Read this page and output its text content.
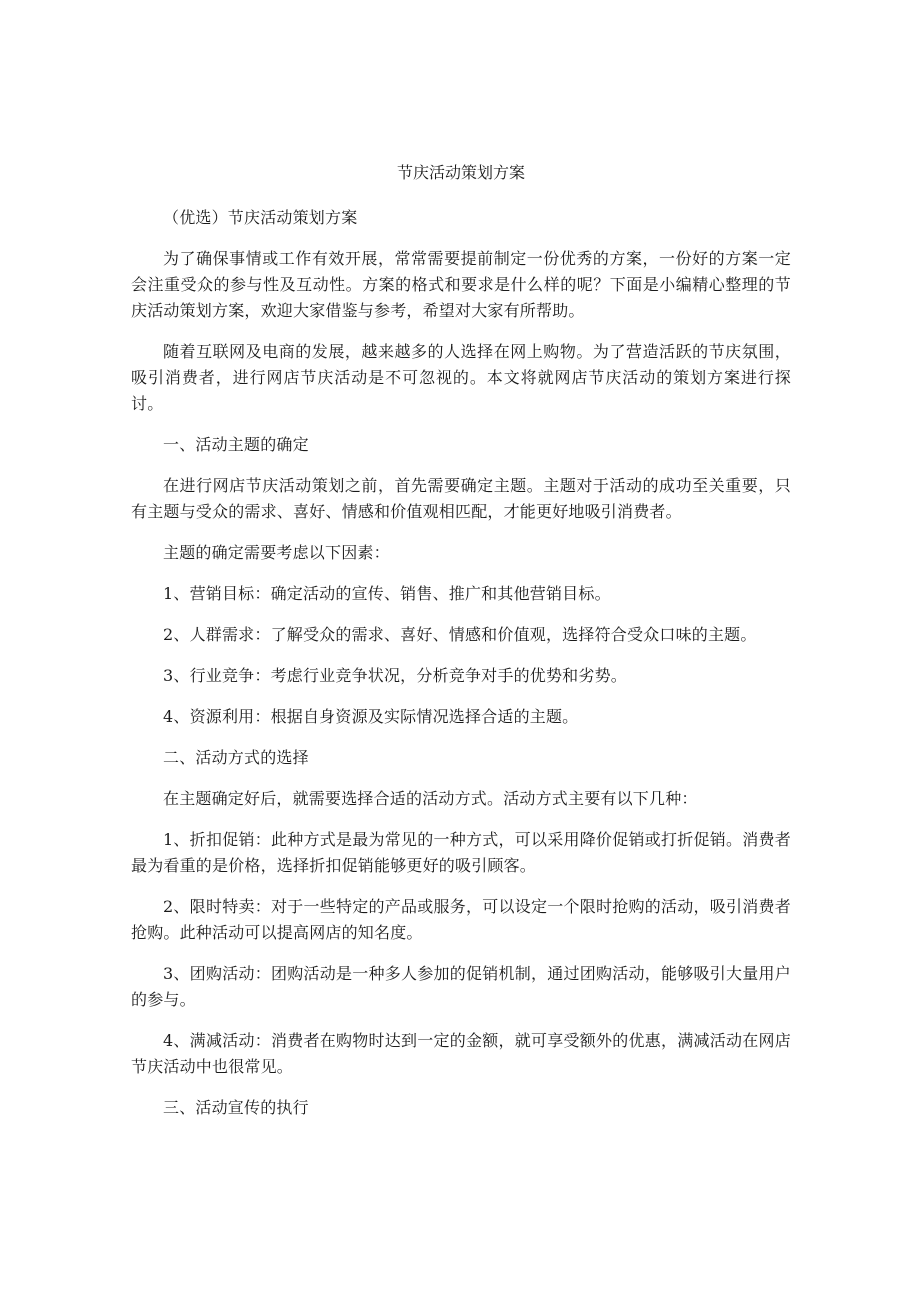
节庆活动策划方案

（优选）节庆活动策划方案

为了确保事情或工作有效开展，常常需要提前制定一份优秀的方案，一份好的方案一定会注重受众的参与性及互动性。方案的格式和要求是什么样的呢？下面是小编精心整理的节庆活动策划方案，欢迎大家借鉴与参考，希望对大家有所帮助。

随着互联网及电商的发展，越来越多的人选择在网上购物。为了营造活跃的节庆氛围，吸引消费者，进行网店节庆活动是不可忽视的。本文将就网店节庆活动的策划方案进行探讨。

一、活动主题的确定

在进行网店节庆活动策划之前，首先需要确定主题。主题对于活动的成功至关重要，只有主题与受众的需求、喜好、情感和价值观相匹配，才能更好地吸引消费者。

主题的确定需要考虑以下因素：

1、营销目标：确定活动的宣传、销售、推广和其他营销目标。

2、人群需求：了解受众的需求、喜好、情感和价值观，选择符合受众口味的主题。

3、行业竞争：考虑行业竞争状况，分析竞争对手的优势和劣势。

4、资源利用：根据自身资源及实际情况选择合适的主题。

二、活动方式的选择

在主题确定好后，就需要选择合适的活动方式。活动方式主要有以下几种：

1、折扣促销：此种方式是最为常见的一种方式，可以采用降价促销或打折促销。消费者最为看重的是价格，选择折扣促销能够更好的吸引顾客。

2、限时特卖：对于一些特定的产品或服务，可以设定一个限时抢购的活动，吸引消费者抢购。此种活动可以提高网店的知名度。

3、团购活动：团购活动是一种多人参加的促销机制，通过团购活动，能够吸引大量用户的参与。

4、满减活动：消费者在购物时达到一定的金额，就可享受额外的优惠，满减活动在网店节庆活动中也很常见。

三、活动宣传的执行
